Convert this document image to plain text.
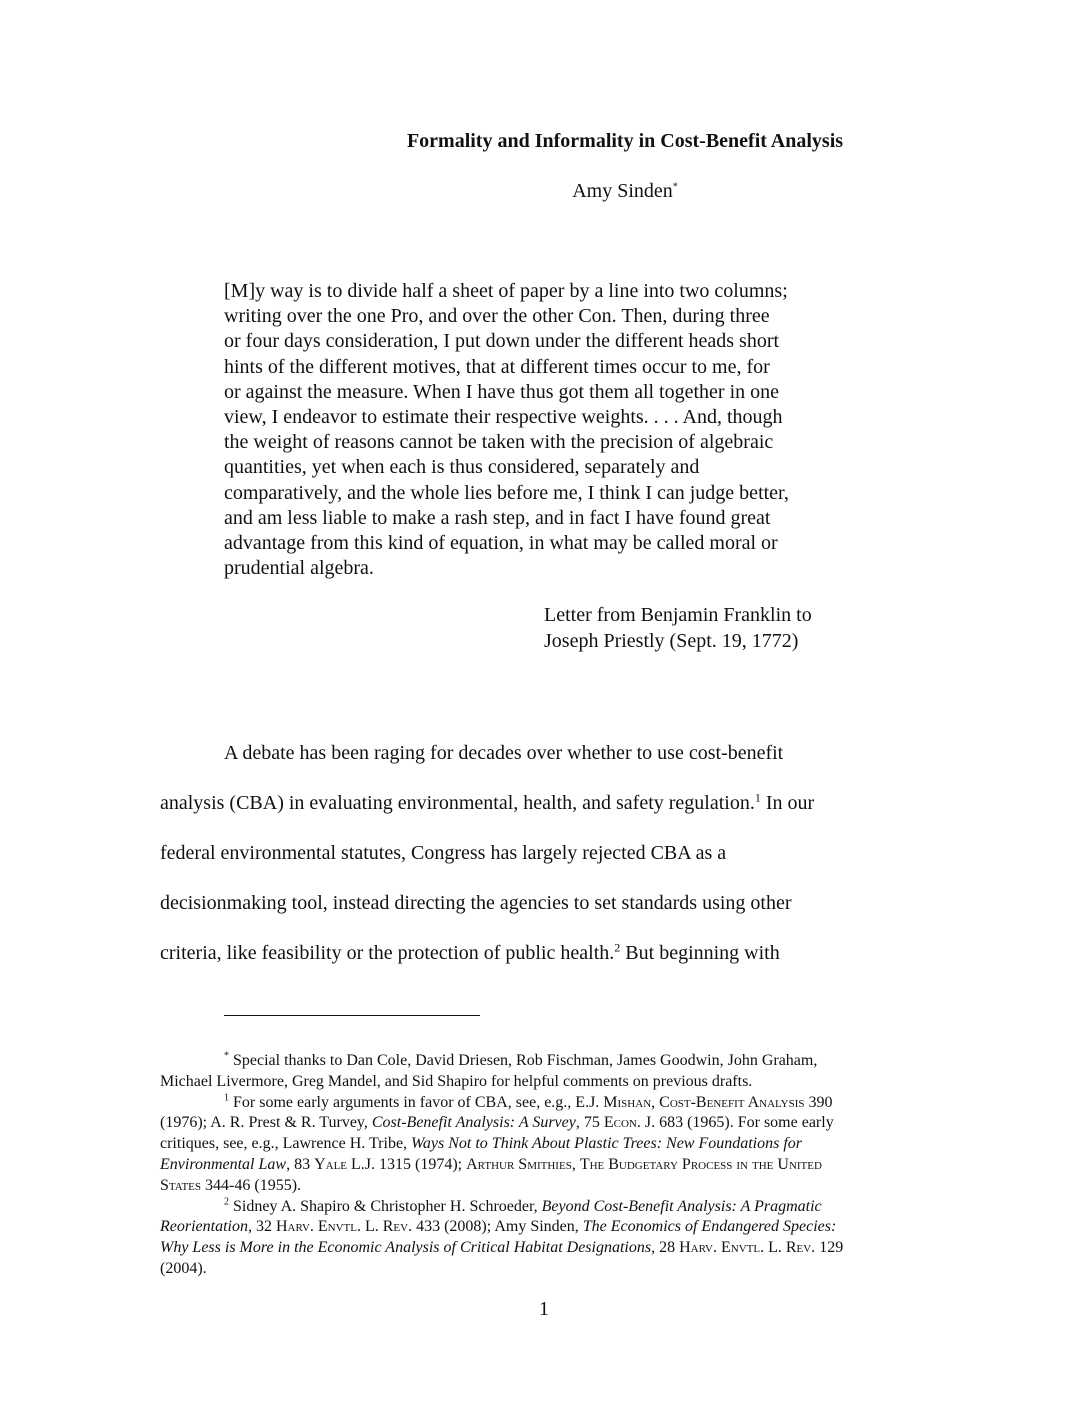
Formality and Informality in Cost-Benefit Analysis
Amy Sinden*
[M]y way is to divide half a sheet of paper by a line into two columns;
writing over the one Pro, and over the other Con. Then, during three
or four days consideration, I put down under the different heads short
hints of the different motives, that at different times occur to me, for
or against the measure. When I have thus got them all together in one
view, I endeavor to estimate their respective weights. . . . And, though
the weight of reasons cannot be taken with the precision of algebraic
quantities, yet when each is thus considered, separately and
comparatively, and the whole lies before me, I think I can judge better,
and am less liable to make a rash step, and in fact I have found great
advantage from this kind of equation, in what may be called moral or
prudential algebra.
Letter from Benjamin Franklin to
Joseph Priestly (Sept. 19, 1772)
A debate has been raging for decades over whether to use cost-benefit
analysis (CBA) in evaluating environmental, health, and safety regulation.$^1$ In our
federal environmental statutes, Congress has largely rejected CBA as a
decisionmaking tool, instead directing the agencies to set standards using other
criteria, like feasibility or the protection of public health.$^2$ But beginning with
* Special thanks to Dan Cole, David Driesen, Rob Fischman, James Goodwin, John Graham,
Michael Livermore, Greg Mandel, and Sid Shapiro for helpful comments on previous drafts.
$^1$ For some early arguments in favor of CBA, see, e.g., E.J. Mishan, Cost-Benefit Analysis 390
(1976); A. R. Prest & R. Turvey, Cost-Benefit Analysis: A Survey, 75 Econ. J. 683 (1965). For some early
critiques, see, e.g., Lawrence H. Tribe, Ways Not to Think About Plastic Trees: New Foundations for
Environmental Law, 83 Yale L.J. 1315 (1974); Arthur Smithies, The Budgetary Process in the United
States 344-46 (1955).
$^2$ Sidney A. Shapiro & Christopher H. Schroeder, Beyond Cost-Benefit Analysis: A Pragmatic
Reorientation, 32 Harv. Envtl. L. Rev. 433 (2008); Amy Sinden, The Economics of Endangered Species:
Why Less is More in the Economic Analysis of Critical Habitat Designations, 28 Harv. Envtl. L. Rev. 129
(2004).
1
